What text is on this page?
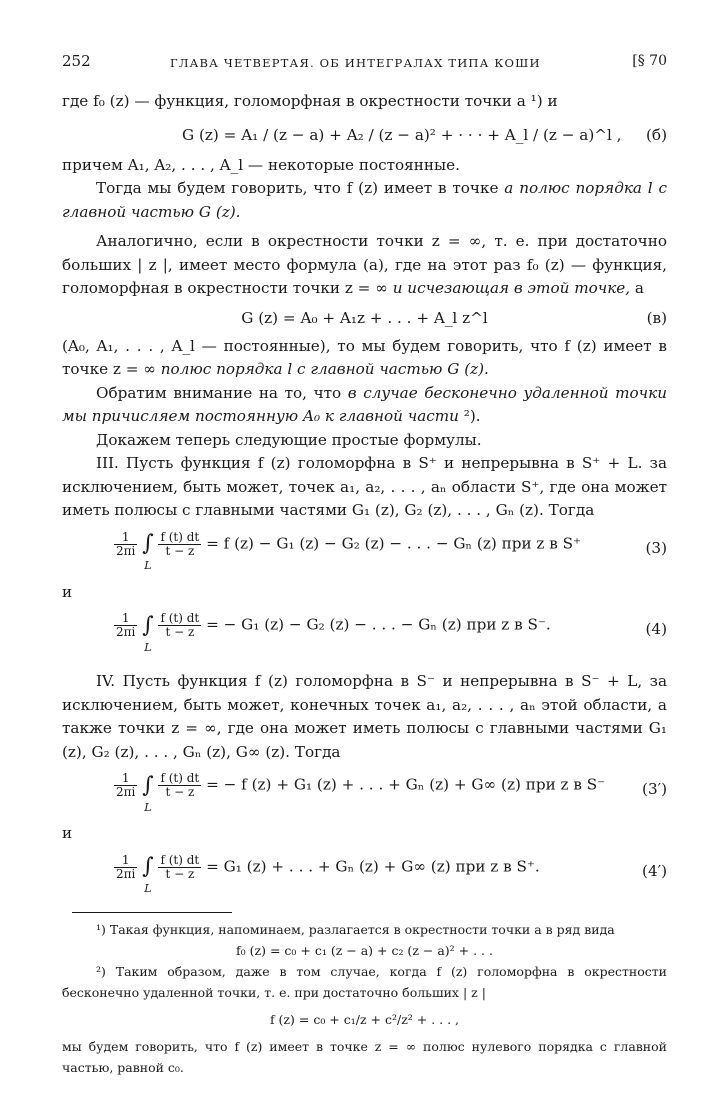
252	ГЛАВА ЧЕТВЕРТАЯ. ОБ ИНТЕГРАЛАХ ТИПА КОШИ	[§ 70

где f₀ (z) — функция, голоморфная в окрестности точки a ¹) и

G (z) = A₁ / (z − a) + A₂ / (z − a)² + · · · + A_l / (z − a)^l , (б)

причем A₁, A₂, . . . , A_l — некоторые постоянные.

Тогда мы будем говорить, что f (z) имеет в точке a полюс порядка l с главной частью G (z).

Аналогично, если в окрестности точки z = ∞, т. е. при достаточно больших | z |, имеет место формула (а), где на этот раз f₀ (z) — функция, голоморфная в окрестности точки z = ∞ и исчезающая в этой точке, а

G (z) = A₀ + A₁z + . . . + A_l z^l	(в)

(A₀, A₁, . . . , A_l — постоянные), то мы будем говорить, что f (z) имеет в точке z = ∞ полюс порядка l с главной частью G (z).

Обратим внимание на то, что в случае бесконечно удаленной точки мы причисляем постоянную A₀ к главной части ²).

Докажем теперь следующие простые формулы.

III. Пусть функция f (z) голоморфна в S⁺ и непрерывна в S⁺ + L. за исключением, быть может, точек a₁, a₂, . . . , aₙ области S⁺, где она может иметь полюсы с главными частями G₁ (z), G₂ (z), . . . , Gₙ (z). Тогда

$\frac{1}{2\pi i}$ ∫
L

$\frac{f (t) dt}{t - z} = f$ (z) − G₁ (z) − G₂ (z) − . . . − Gₙ (z) при z в S⁺	(3)

и

$\frac{1}{2\pi i}$ ∫
L

$\frac{f (t) dt}{t - z}$ = − G₁ (z) − G₂ (z) − . . . − Gₙ (z) при z в S⁻.	(4)

IV. Пусть функция f (z) голоморфна в S⁻ и непрерывна в S⁻ + L, за исключением, быть может, конечных точек a₁, a₂, . . . , aₙ этой области, а также точки z = ∞, где она может иметь полюсы с главными частями G₁ (z), G₂ (z), . . . , Gₙ (z), G∞ (z). Тогда

$\frac{1}{2\pi i}$ ∫
L

$\frac{f (t) dt}{t - z}$ = − f (z) + G₁ (z) + . . . + Gₙ (z) + G∞ (z) при z в S⁻ (3′)

и

$\frac{1}{2\pi i}$ ∫
L

$\frac{f (t) dt}{t - z} = G_1$ (z) + . . . + Gₙ (z) + G∞ (z) при z в S⁺.	(4′)

¹) Такая функция, напоминаем, разлагается в окрестности точки a в ряд вида

f₀ (z) = c₀ + c₁ (z − a) + c₂ (z − a)² + . . .

²) Таким образом, даже в том случае, когда f (z) голоморфна в окрестности бесконечно удаленной точки, т. е. при достаточно больших | z |

f (z) = c₀ + c₁/z + c²/z² + . . . ,

мы будем говорить, что f (z) имеет в точке z = ∞ полюс нулевого порядка с главной частью, равной c₀.
